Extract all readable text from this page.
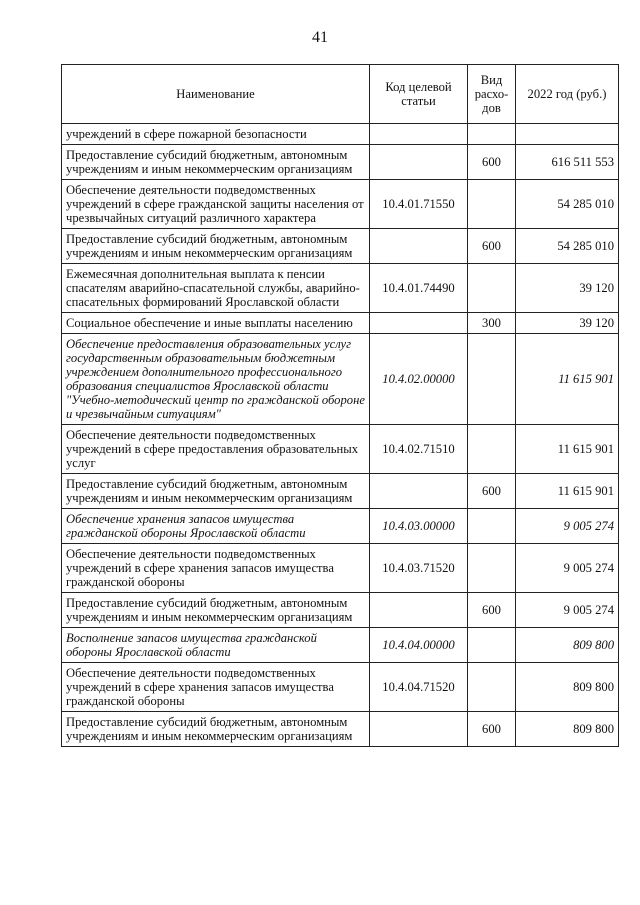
41
Наименование	Код целевой статьи	Вид расхо-дов	2022 год (руб.)
учреждений в сфере пожарной безопасности			
Предоставление субсидий бюджетным, автономным учреждениям и иным некоммерческим организациям		600	616 511 553
Обеспечение деятельности подведомственных учреждений в сфере гражданской защиты населения от чрезвычайных ситуаций различного характера	10.4.01.71550		54 285 010
Предоставление субсидий бюджетным, автономным учреждениям и иным некоммерческим организациям		600	54 285 010
Ежемесячная дополнительная выплата к пенсии спасателям аварийно-спасательной службы, аварийно-спасательных формирований Ярославской области	10.4.01.74490		39 120
Социальное обеспечение и иные выплаты населению		300	39 120
Обеспечение предоставления образовательных услуг государственным образовательным бюджетным учреждением дополнительного профессионального образования специалистов Ярославской области "Учебно-методический центр по гражданской обороне и чрезвычайным ситуациям"	10.4.02.00000		11 615 901
Обеспечение деятельности подведомственных учреждений в сфере предоставления образовательных услуг	10.4.02.71510		11 615 901
Предоставление субсидий бюджетным, автономным учреждениям и иным некоммерческим организациям		600	11 615 901
Обеспечение хранения запасов имущества гражданской обороны Ярославской области	10.4.03.00000		9 005 274
Обеспечение деятельности подведомственных учреждений в сфере хранения запасов имущества гражданской обороны	10.4.03.71520		9 005 274
Предоставление субсидий бюджетным, автономным учреждениям и иным некоммерческим организациям		600	9 005 274
Восполнение запасов имущества гражданской обороны Ярославской области	10.4.04.00000		809 800
Обеспечение деятельности подведомственных учреждений в сфере хранения запасов имущества гражданской обороны	10.4.04.71520		809 800
Предоставление субсидий бюджетным, автономным учреждениям и иным некоммерческим организациям		600	809 800
